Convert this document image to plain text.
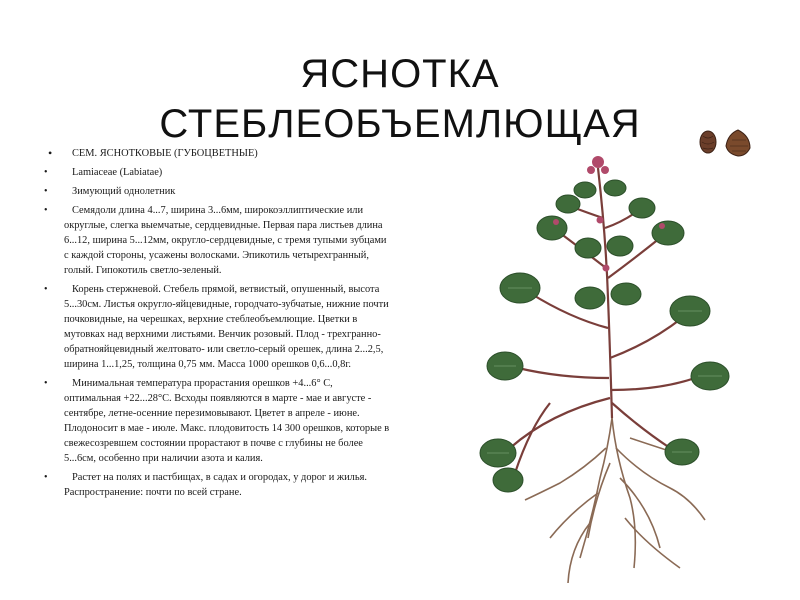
ЯСНОТКА
СТЕБЛЕОБЪЕМЛЮЩАЯ
• СЕМ. ЯСНОТКОВЫЕ (ГУБОЦВЕТНЫЕ)
• Lamiaceae (Labiatae)
• Зимующий однолетник
• Семядоли длина 4...7, ширина 3...6мм, широкоэллиптические или округлые, слегка выемчатые, сердцевидные. Первая пара листьев длина 6...12, ширина 5...12мм, округло-сердцевидные, с тремя тупыми зубцами с каждой стороны, усажены волосками. Эпикотиль четырехгранный, голый. Гипокотиль светло-зеленый.
• Корень стержневой. Стебель прямой, ветвистый, опушенный, высота 5...30см. Листья округло-яйцевидные, городчато-зубчатые, нижние почти почковидные, на черешках, верхние стеблеобъемлющие. Цветки в мутовках над верхними листьями. Венчик розовый. Плод - трехгранно-обратнояйцевидный желтовато- или светло-серый орешек, длина 2...2,5, ширина 1...1,25, толщина 0,75 мм. Масса 1000 орешков 0,6...0,8г.
• Минимальная температура прорастания орешков +4...6° С, оптимальная +22...28°С. Всходы появляются в марте - мае и августе - сентябре, летне-осенние перезимовывают. Цветет в апреле - июне. Плодоносит в мае - июле. Макс. плодовитость 14 300 орешков, которые в свежесозревшем состоянии прорастают в почве с глубины не более 5...6см, особенно при наличии азота и калия.
• Растет на полях и пастбищах, в садах и огородах, у дорог и жилья. Распространение: почти по всей стране.
